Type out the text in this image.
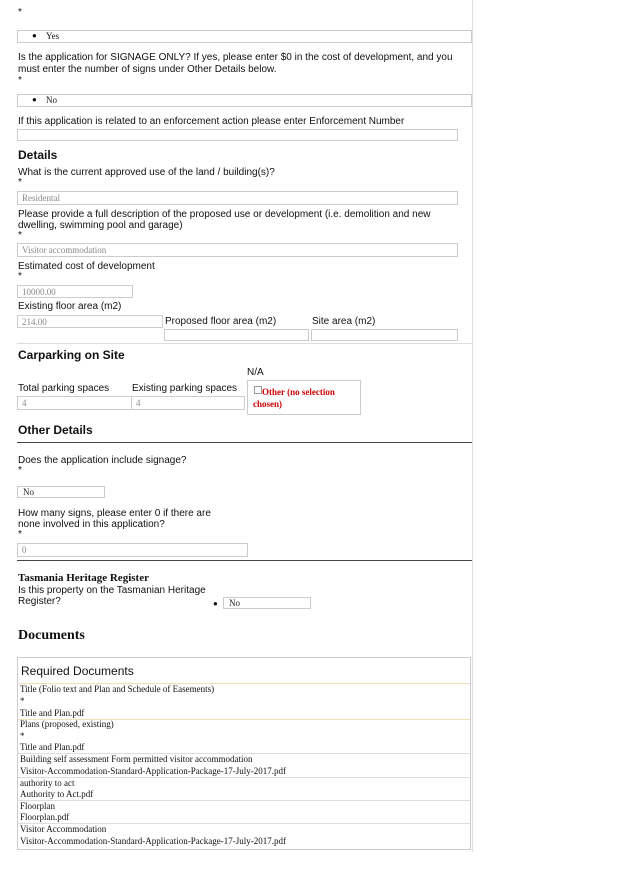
*
● Yes
Is the application for SIGNAGE ONLY? If yes, please enter $0 in the cost of development, and you must enter the number of signs under Other Details below.
*
● No
If this application is related to an enforcement action please enter Enforcement Number
Details
What is the current approved use of the land / building(s)?
*
Residental
Please provide a full description of the proposed use or development (i.e. demolition and new dwelling, swimming pool and garage)
*
Visitor accommodation
Estimated cost of development
*
10000.00
Existing floor area (m2)
214.00	Proposed floor area (m2)	Site area (m2)
Carparking on Site
N/A
Total parking spaces
4
Existing parking spaces
4
Other (no selection chosen)
Other Details
Does the application include signage?
*
No
How many signs, please enter 0 if there are none involved in this application?
*
0
Tasmania Heritage Register
Is this property on the Tasmanian Heritage Register?	● No
Documents
Required Documents
Title (Folio text and Plan and Schedule of Easements)
*
Title and Plan.pdf
Plans (proposed, existing)
*
Title and Plan.pdf
Building self assessment Form permitted visitor accommodation
Visitor-Accommodation-Standard-Application-Package-17-July-2017.pdf
authority to act
Authority to Act.pdf
Floorplan
Floorplan.pdf
Visitor Accommodation
Visitor-Accommodation-Standard-Application-Package-17-July-2017.pdf
